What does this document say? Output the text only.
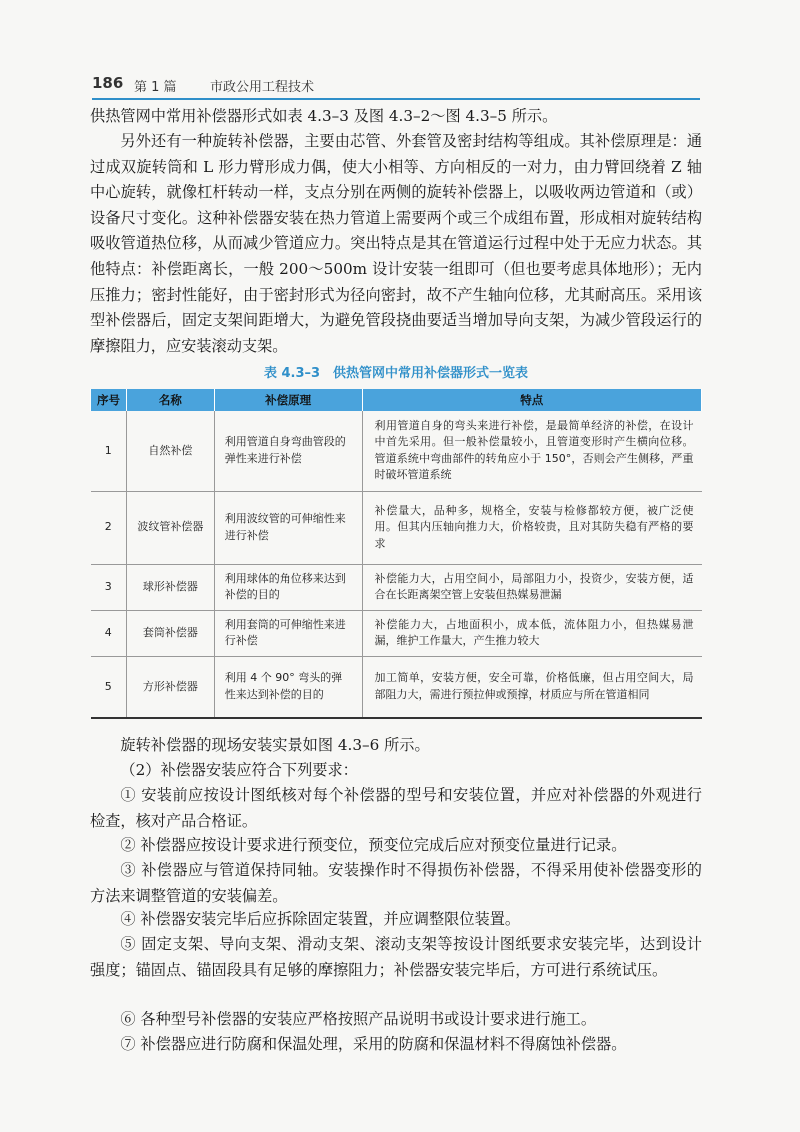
186 第 1 篇	市政公用工程技术

供热管网中常用补偿器形式如表 4.3–3 及图 4.3–2～图 4.3–5 所示。

另外还有一种旋转补偿器，主要由芯管、外套管及密封结构等组成。其补偿原理是：通过成双旋转筒和 L 形力臂形成力偶，使大小相等、方向相反的一对力，由力臂回绕着 Z 轴中心旋转，就像杠杆转动一样，支点分别在两侧的旋转补偿器上，以吸收两边管道和（或）设备尺寸变化。这种补偿器安装在热力管道上需要两个或三个成组布置，形成相对旋转结构吸收管道热位移，从而减少管道应力。突出特点是其在管道运行过程中处于无应力状态。其他特点：补偿距离长，一般 200～500m 设计安装一组即可（但也要考虑具体地形）；无内压推力；密封性能好，由于密封形式为径向密封，故不产生轴向位移，尤其耐高压。采用该型补偿器后，固定支架间距增大，为避免管段挠曲要适当增加导向支架，为减少管段运行的摩擦阻力，应安装滚动支架。

表 4.3–3　供热管网中常用补偿器形式一览表
序号	名称	补偿原理	特点
1	自然补偿	利用管道自身弯曲管段的弹性来进行补偿	利用管道自身的弯头来进行补偿，是最简单经济的补偿，在设计中首先采用。但一般补偿量较小，且管道变形时产生横向位移。管道系统中弯曲部件的转角应小于 150°，否则会产生侧移，严重时破坏管道系统
2	波纹管补偿器	利用波纹管的可伸缩性来进行补偿	补偿量大，品种多，规格全，安装与检修都较方便，被广泛使用。但其内压轴向推力大，价格较贵，且对其防失稳有严格的要求
3	球形补偿器	利用球体的角位移来达到补偿的目的	补偿能力大，占用空间小，局部阻力小，投资少，安装方便，适合在长距离架空管上安装但热媒易泄漏
4	套筒补偿器	利用套筒的可伸缩性来进行补偿	补偿能力大，占地面积小，成本低，流体阻力小，但热媒易泄漏，维护工作量大，产生推力较大
5	方形补偿器	利用 4 个 90° 弯头的弹性来达到补偿的目的	加工简单，安装方便，安全可靠，价格低廉，但占用空间大，局部阻力大，需进行预拉伸或预撑，材质应与所在管道相同

旋转补偿器的现场安装实景如图 4.3–6 所示。

（2）补偿器安装应符合下列要求：

① 安装前应按设计图纸核对每个补偿器的型号和安装位置，并应对补偿器的外观进行检查，核对产品合格证。

② 补偿器应按设计要求进行预变位，预变位完成后应对预变位量进行记录。

③ 补偿器应与管道保持同轴。安装操作时不得损伤补偿器，不得采用使补偿器变形的方法来调整管道的安装偏差。

④ 补偿器安装完毕后应拆除固定装置，并应调整限位装置。

⑤ 固定支架、导向支架、滑动支架、滚动支架等按设计图纸要求安装完毕，达到设计强度；锚固点、锚固段具有足够的摩擦阻力；补偿器安装完毕后，方可进行系统试压。

⑥ 各种型号补偿器的安装应严格按照产品说明书或设计要求进行施工。

⑦ 补偿器应进行防腐和保温处理，采用的防腐和保温材料不得腐蚀补偿器。
